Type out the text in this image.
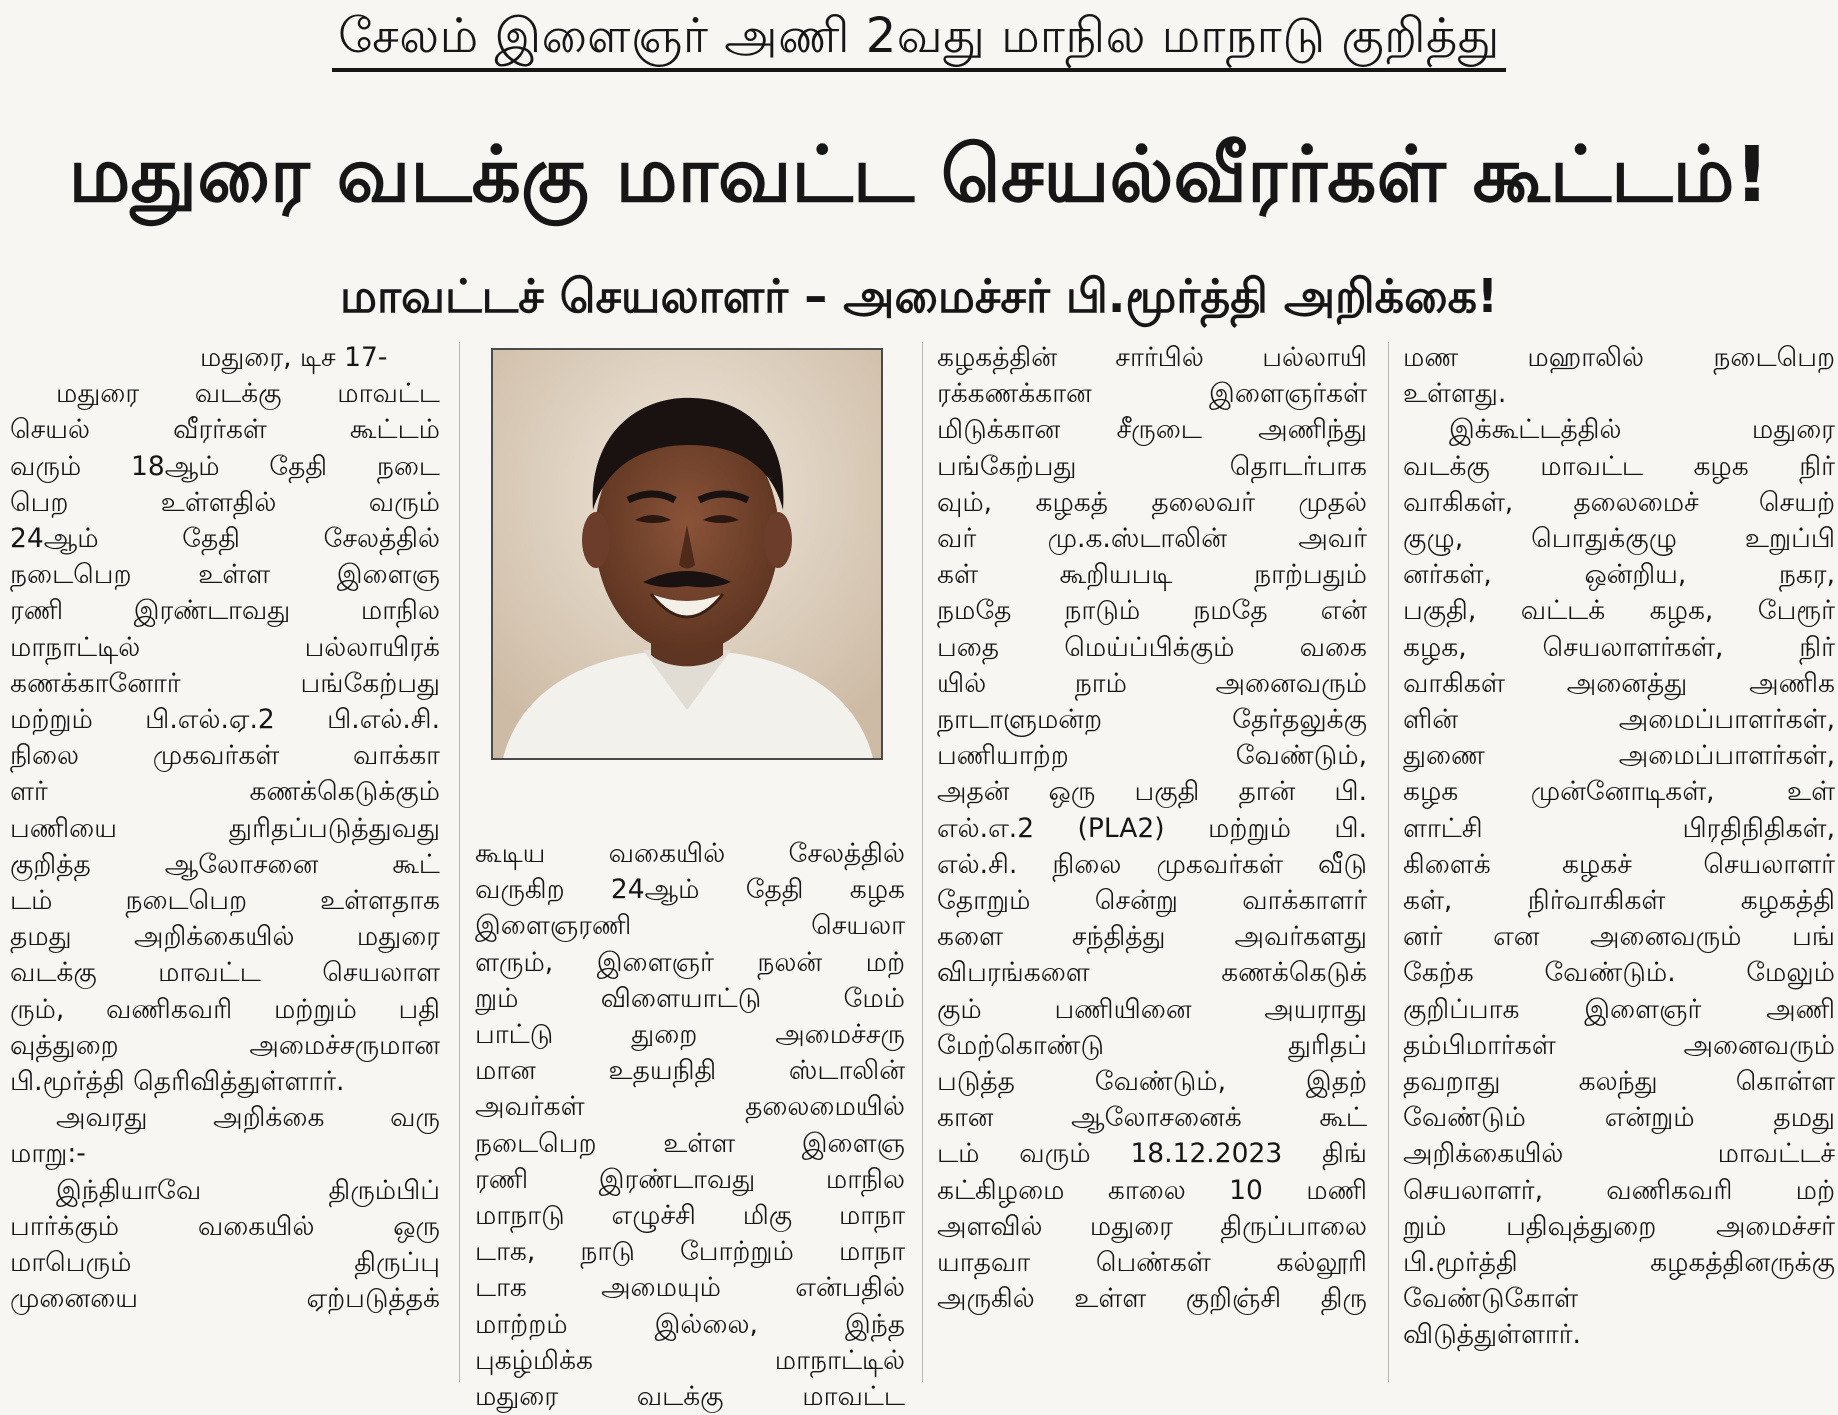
சேலம் இளைஞர் அணி 2வது மாநில மாநாடு குறித்து
மதுரை வடக்கு மாவட்ட செயல்வீரர்கள் கூட்டம்!
மாவட்டச் செயலாளர் – அமைச்சர் பி.மூர்த்தி அறிக்கை!

மதுரை, டிச 17-

மதுரை வடக்கு மாவட்ட

செயல் வீரர்கள் கூட்டம்

வரும் 18ஆம் தேதி நடை

பெற உள்ளதில் வரும்

24ஆம் தேதி சேலத்தில்

நடைபெற உள்ள இளைஞ

ரணி இரண்டாவது மாநில

மாநாட்டில் பல்லாயிரக்

கணக்கானோர் பங்கேற்பது

மற்றும் பி.எல்.ஏ.2 பி.எல்.சி.

நிலை முகவர்கள் வாக்கா

ளர் கணக்கெடுக்கும்

பணியை துரிதப்படுத்துவது

குறித்த ஆலோசனை கூட்

டம் நடைபெற உள்ளதாக

தமது அறிக்கையில் மதுரை

வடக்கு மாவட்ட செயலாள

ரும், வணிகவரி மற்றும் பதி

வுத்துறை அமைச்சருமான

பி.மூர்த்தி தெரிவித்துள்ளார்.

அவரது அறிக்கை வரு

மாறு:-

இந்தியாவே திரும்பிப்

பார்க்கும் வகையில் ஒரு

மாபெரும் திருப்பு

முனையை ஏற்படுத்தக்

கூடிய வகையில் சேலத்தில்

வருகிற 24ஆம் தேதி கழக

இளைஞரணி செயலா

ளரும், இளைஞர் நலன் மற்

றும் விளையாட்டு மேம்

பாட்டு துறை அமைச்சரு

மான உதயநிதி ஸ்டாலின்

அவர்கள் தலைமையில்

நடைபெற உள்ள இளைஞ

ரணி இரண்டாவது மாநில

மாநாடு எழுச்சி மிகு மாநா

டாக, நாடு போற்றும் மாநா

டாக அமையும் என்பதில்

மாற்றம் இல்லை, இந்த

புகழ்மிக்க மாநாட்டில்

மதுரை வடக்கு மாவட்ட

கழகத்தின் சார்பில் பல்லாயி

ரக்கணக்கான இளைஞர்கள்

மிடுக்கான சீருடை அணிந்து

பங்கேற்பது தொடர்பாக

வும், கழகத் தலைவர் முதல்

வர் மு.க.ஸ்டாலின் அவர்

கள் கூறியபடி நாற்பதும்

நமதே நாடும் நமதே என்

பதை மெய்ப்பிக்கும் வகை

யில் நாம் அனைவரும்

நாடாளுமன்ற தேர்தலுக்கு

பணியாற்ற வேண்டும்,

அதன் ஒரு பகுதி தான் பி.

எல்.எ.2 (PLA2) மற்றும் பி.

எல்.சி. நிலை முகவர்கள் வீடு

தோறும் சென்று வாக்காளர்

களை சந்தித்து அவர்களது

விபரங்களை கணக்கெடுக்

கும் பணியினை அயராது

மேற்கொண்டு துரிதப்

படுத்த வேண்டும், இதற்

கான ஆலோசனைக் கூட்

டம் வரும் 18.12.2023 திங்

கட்கிழமை காலை 10 மணி

அளவில் மதுரை திருப்பாலை

யாதவா பெண்கள் கல்லூரி

அருகில் உள்ள குறிஞ்சி திரு

மண மஹாலில் நடைபெற

உள்ளது.

இக்கூட்டத்தில் மதுரை

வடக்கு மாவட்ட கழக நிர்

வாகிகள், தலைமைச் செயற்

குழு, பொதுக்குழு உறுப்பி

னர்கள், ஒன்றிய, நகர,

பகுதி, வட்டக் கழக, பேரூர்

கழக, செயலாளர்கள், நிர்

வாகிகள் அனைத்து அணிக

ளின் அமைப்பாளர்கள்,

துணை அமைப்பாளர்கள்,

கழக முன்னோடிகள், உள்

ளாட்சி பிரதிநிதிகள்,

கிளைக் கழகச் செயலாளர்

கள், நிர்வாகிகள் கழகத்தி

னர் என அனைவரும் பங்

கேற்க வேண்டும். மேலும்

குறிப்பாக இளைஞர் அணி

தம்பிமார்கள் அனைவரும்

தவறாது கலந்து கொள்ள

வேண்டும் என்றும் தமது

அறிக்கையில் மாவட்டச்

செயலாளர், வணிகவரி மற்

றும் பதிவுத்துறை அமைச்சர்

பி.மூர்த்தி கழகத்தினருக்கு

வேண்டுகோள்

விடுத்துள்ளார்.
